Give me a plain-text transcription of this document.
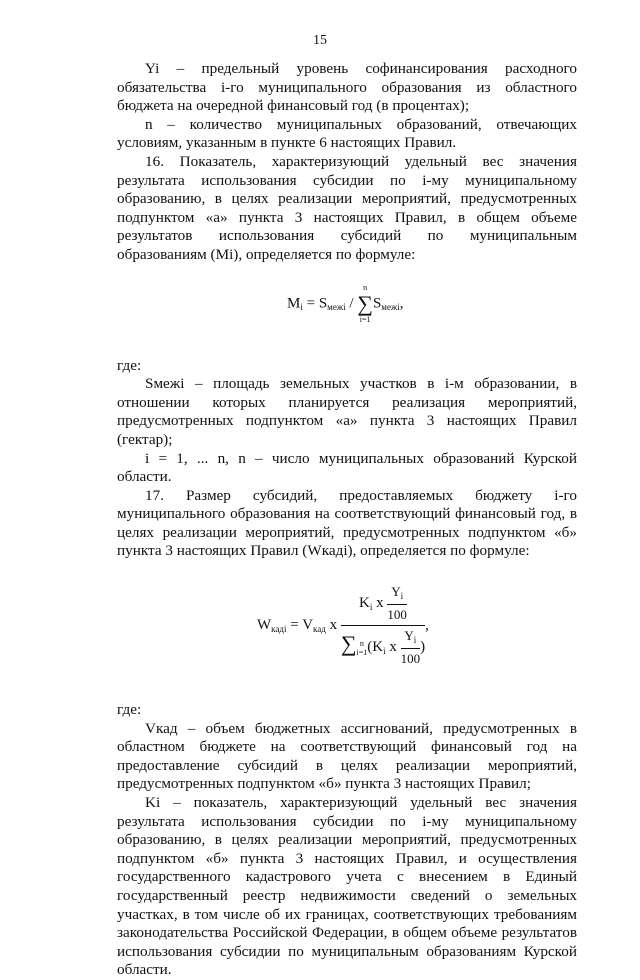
15

Yi – предельный уровень софинансирования расходного обязательства i-го муниципального образования из областного бюджета на очередной финансовый год (в процентах);

n – количество муниципальных образований, отвечающих условиям, указанным в пункте 6 настоящих Правил.

16. Показатель, характеризующий удельный вес значения результата использования субсидии по i-му муниципальному образованию, в целях реализации мероприятий, предусмотренных подпунктом «а» пункта 3 настоящих Правил, в общем объеме результатов использования субсидий по муниципальным образованиям (Mi), определяется по формуле:

$M_i = S_{межi}$ /
n
∑
i=1
$S_{межi}$,

где:

Sмежi – площадь земельных участков в i-м образовании, в отношении которых планируется реализация мероприятий, предусмотренных подпунктом «а» пункта 3 настоящих Правил (гектар);

i = 1, ... n, n – число муниципальных образований Курской области.

17. Размер субсидий, предоставляемых бюджету i-го муниципального образования на соответствующий финансовый год, в целях реализации мероприятий, предусмотренных подпунктом «б» пункта 3 настоящих Правил (Wкадi), определяется по формуле:

$W_{кадi} = V_{кад}$ x
$K_i$ x $\frac{Y_i}{100}$
∑ n
i=1 ($K_i$ x $\frac{Y_i}{100}$ )
,

где:

Vкад – объем бюджетных ассигнований, предусмотренных в областном бюджете на соответствующий финансовый год на предоставление субсидий в целях реализации мероприятий, предусмотренных подпунктом «б» пункта 3 настоящих Правил;

Ki – показатель, характеризующий удельный вес значения результата использования субсидии по i-му муниципальному образованию, в целях реализации мероприятий, предусмотренных подпунктом «б» пункта 3 настоящих Правил, и осуществления государственного кадастрового учета с внесением в Единый государственный реестр недвижимости сведений о земельных участках, в том числе об их границах, соответствующих требованиям законодательства Российской Федерации, в общем объеме результатов использования субсидии по муниципальным образованиям Курской области.
